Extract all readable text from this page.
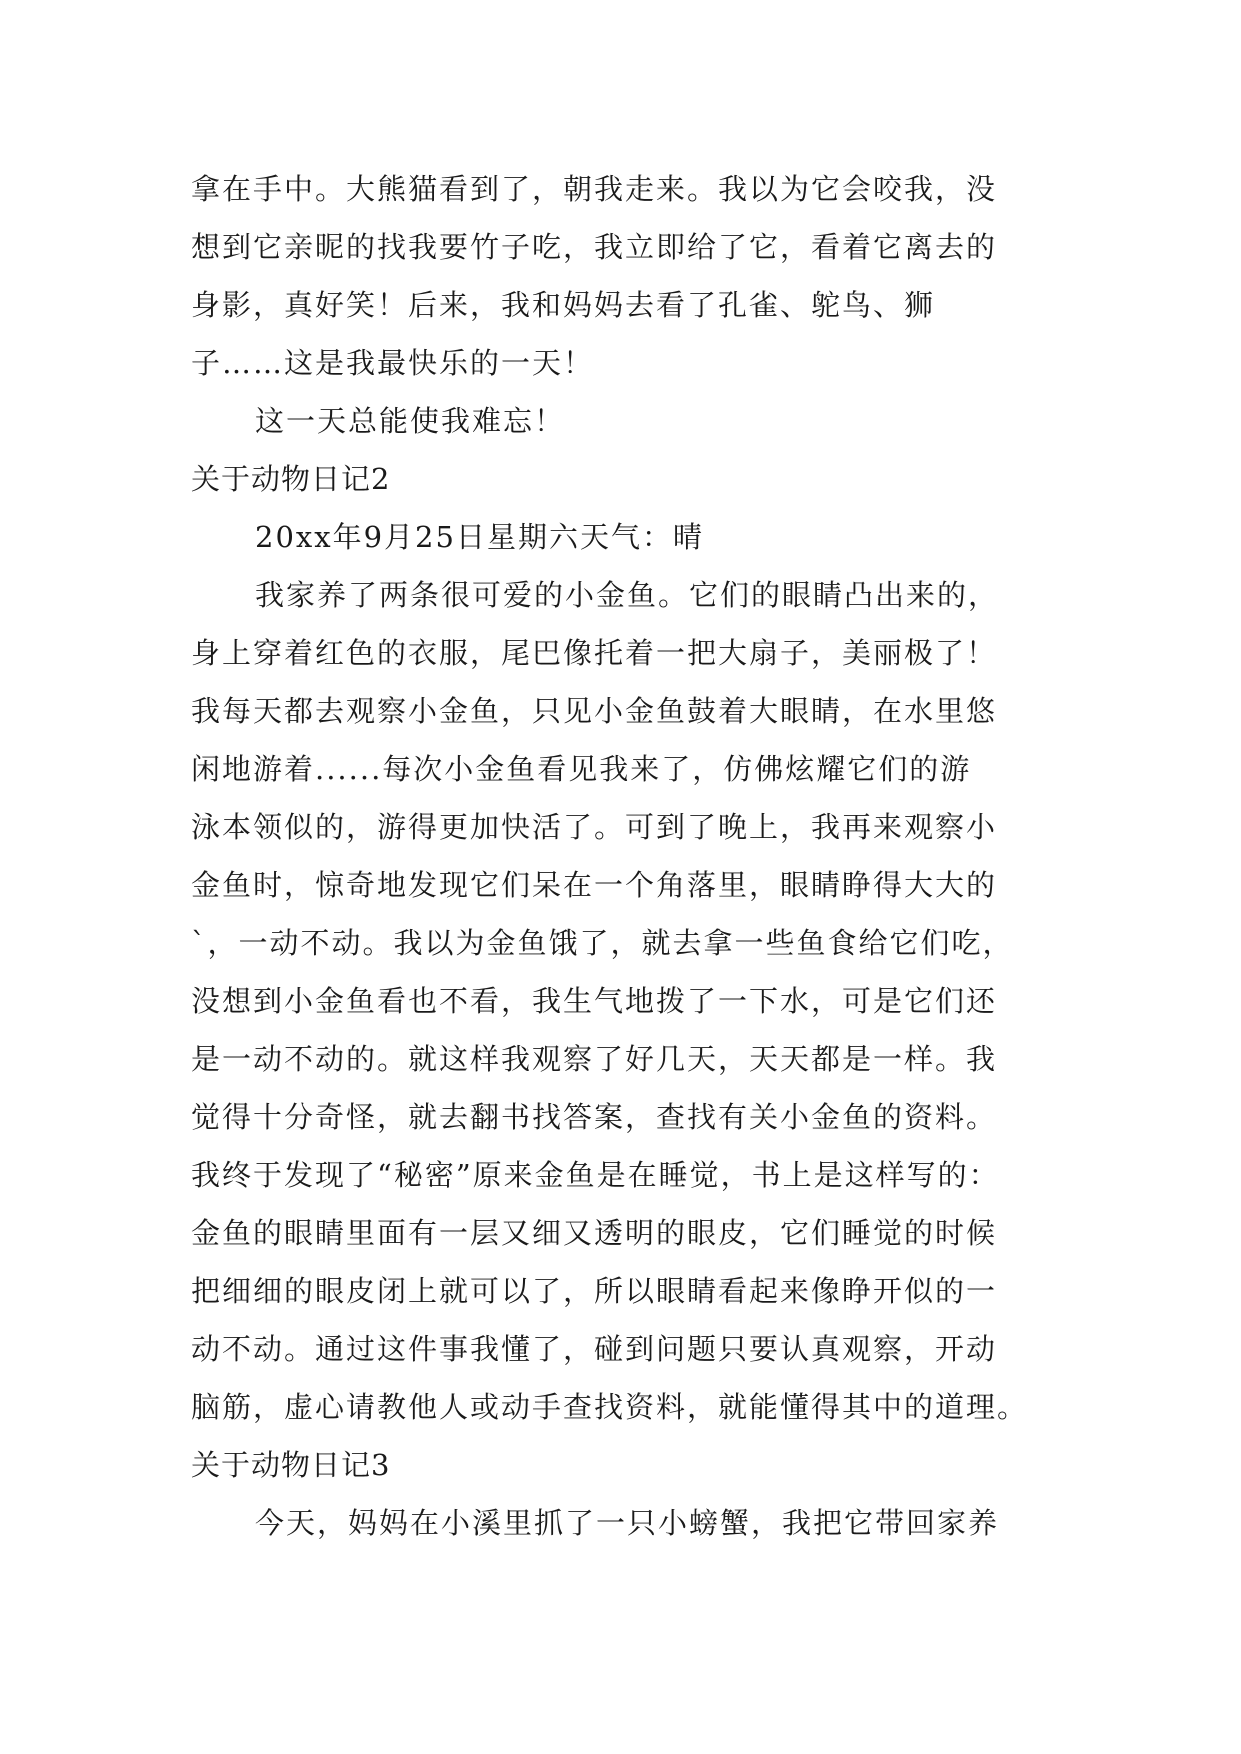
拿在手中。大熊猫看到了，朝我走来。我以为它会咬我，没
想到它亲昵的找我要竹子吃，我立即给了它，看着它离去的
身影，真好笑！后来，我和妈妈去看了孔雀、鸵鸟、狮
子……这是我最快乐的一天！
这一天总能使我难忘！
关于动物日记2
20xx年9月25日星期六天气：晴
我家养了两条很可爱的小金鱼。它们的眼睛凸出来的，
身上穿着红色的衣服，尾巴像托着一把大扇子，美丽极了！
我每天都去观察小金鱼，只见小金鱼鼓着大眼睛，在水里悠
闲地游着......每次小金鱼看见我来了，仿佛炫耀它们的游
泳本领似的，游得更加快活了。可到了晚上，我再来观察小
金鱼时，惊奇地发现它们呆在一个角落里，眼睛睁得大大的
`，一动不动。我以为金鱼饿了，就去拿一些鱼食给它们吃，
没想到小金鱼看也不看，我生气地拨了一下水，可是它们还
是一动不动的。就这样我观察了好几天，天天都是一样。我
觉得十分奇怪，就去翻书找答案，查找有关小金鱼的资料。
我终于发现了“秘密”原来金鱼是在睡觉，书上是这样写的：
金鱼的眼睛里面有一层又细又透明的眼皮，它们睡觉的时候
把细细的眼皮闭上就可以了，所以眼睛看起来像睁开似的一
动不动。通过这件事我懂了，碰到问题只要认真观察，开动
脑筋，虚心请教他人或动手查找资料，就能懂得其中的道理。
关于动物日记3
今天，妈妈在小溪里抓了一只小螃蟹，我把它带回家养
